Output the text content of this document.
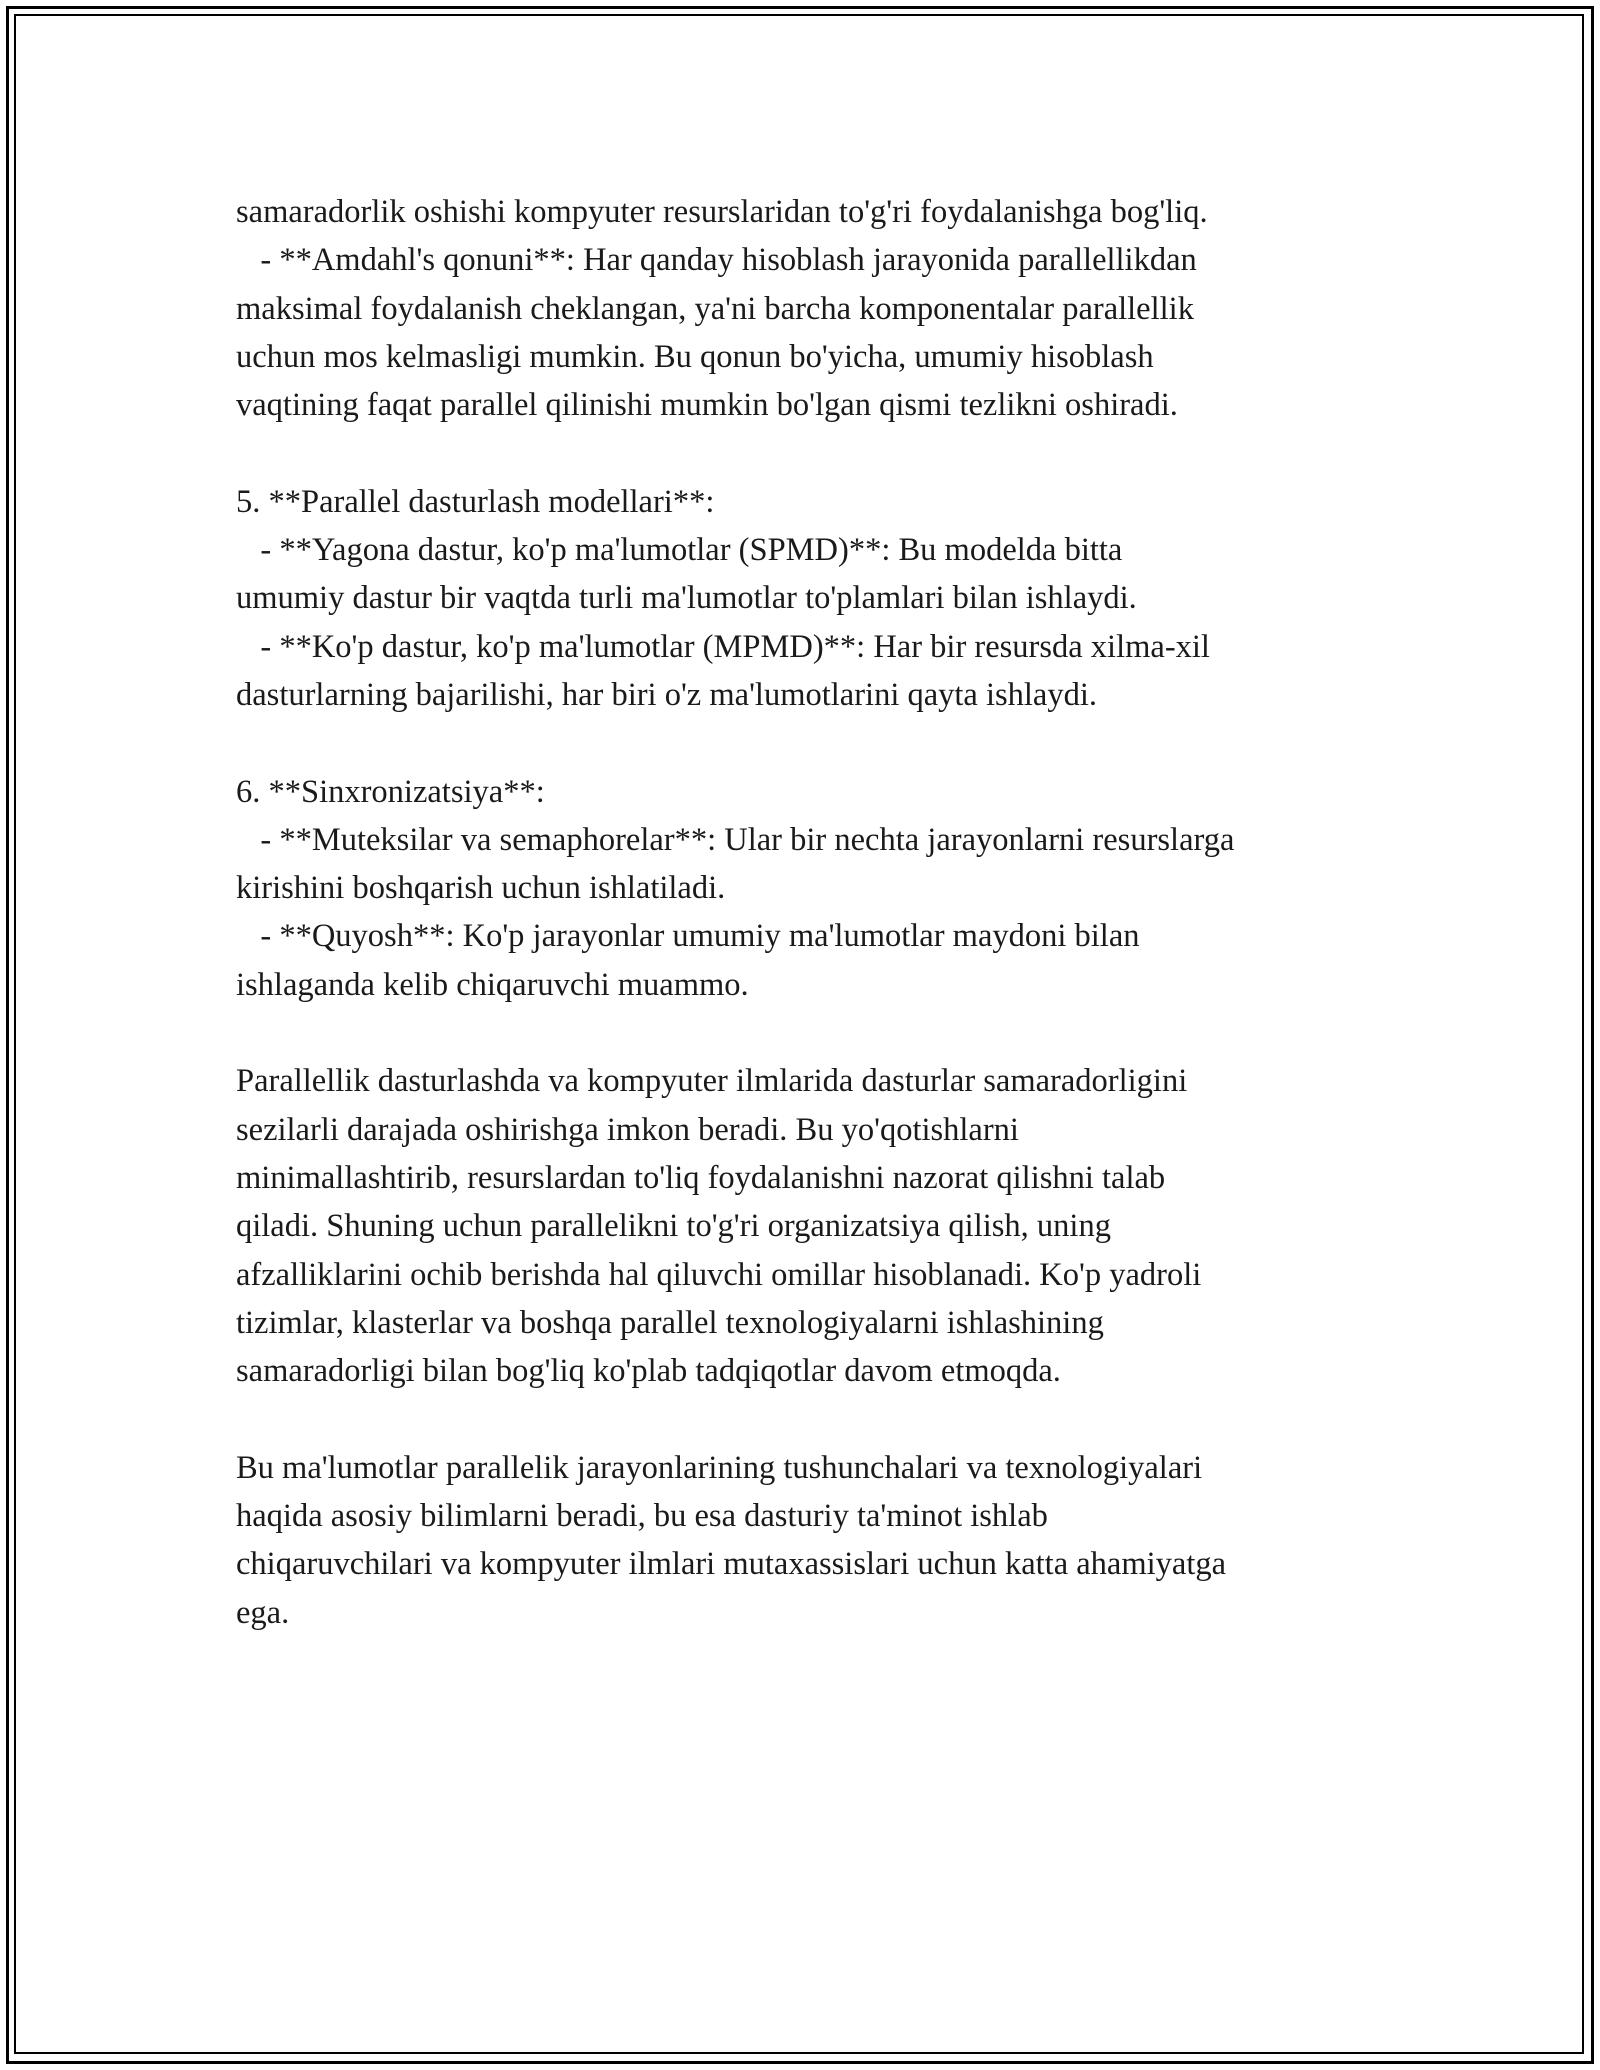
samaradorlik oshishi kompyuter resurslaridan to'g'ri foydalanishga bog'liq.
- **Amdahl's qonuni**: Har qanday hisoblash jarayonida parallellikdan
maksimal foydalanish cheklangan, ya'ni barcha komponentalar parallellik
uchun mos kelmasligi mumkin. Bu qonun bo'yicha, umumiy hisoblash
vaqtining faqat parallel qilinishi mumkin bo'lgan qismi tezlikni oshiradi.
5. **Parallel dasturlash modellari**:
- **Yagona dastur, ko'p ma'lumotlar (SPMD)**: Bu modelda bitta
umumiy dastur bir vaqtda turli ma'lumotlar to'plamlari bilan ishlaydi.
- **Ko'p dastur, ko'p ma'lumotlar (MPMD)**: Har bir resursda xilma-xil
dasturlarning bajarilishi, har biri o'z ma'lumotlarini qayta ishlaydi.
6. **Sinxronizatsiya**:
- **Muteksilar va semaphorelar**: Ular bir nechta jarayonlarni resurslarga
kirishini boshqarish uchun ishlatiladi.
- **Quyosh**: Ko'p jarayonlar umumiy ma'lumotlar maydoni bilan
ishlaganda kelib chiqaruvchi muammo.
Parallellik dasturlashda va kompyuter ilmlarida dasturlar samaradorligini
sezilarli darajada oshirishga imkon beradi. Bu yo'qotishlarni
minimallashtirib, resurslardan to'liq foydalanishni nazorat qilishni talab
qiladi. Shuning uchun parallelikni to'g'ri organizatsiya qilish, uning
afzalliklarini ochib berishda hal qiluvchi omillar hisoblanadi. Ko'p yadroli
tizimlar, klasterlar va boshqa parallel texnologiyalarni ishlashining
samaradorligi bilan bog'liq ko'plab tadqiqotlar davom etmoqda.
Bu ma'lumotlar parallelik jarayonlarining tushunchalari va texnologiyalari
haqida asosiy bilimlarni beradi, bu esa dasturiy ta'minot ishlab
chiqaruvchilari va kompyuter ilmlari mutaxassislari uchun katta ahamiyatga
ega.
